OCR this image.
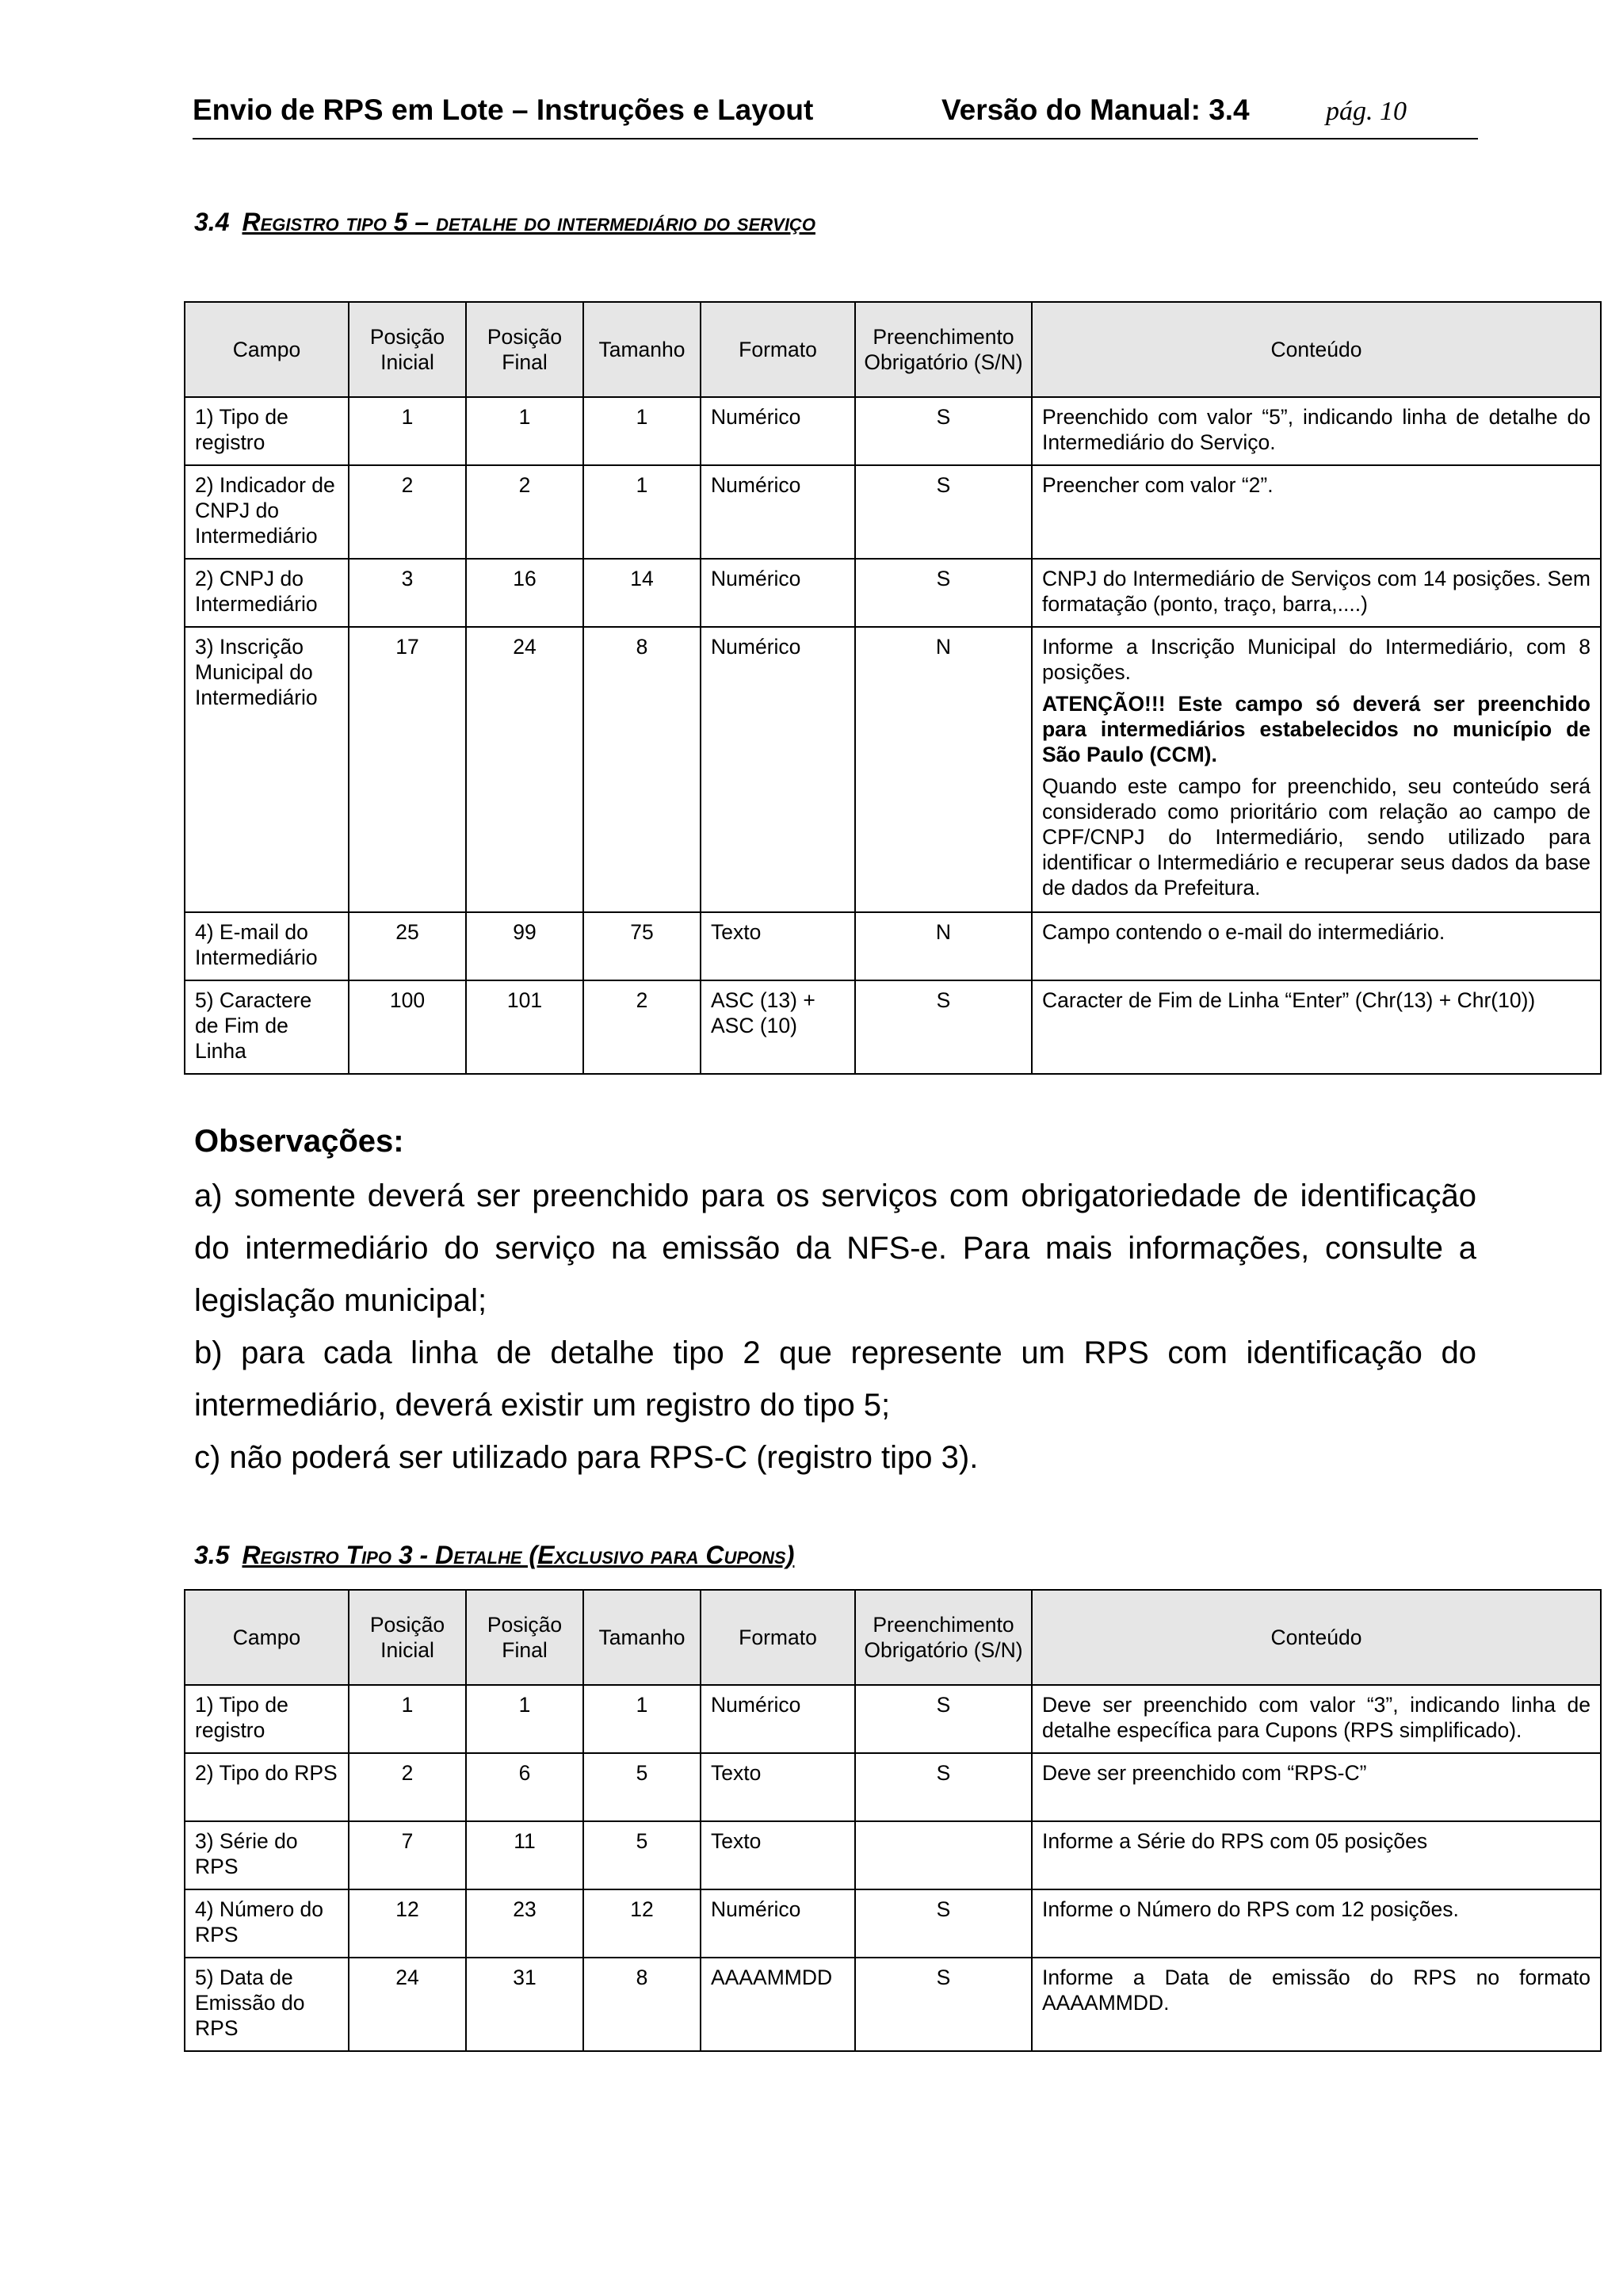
Envio de RPS em Lote – Instruções e Layout	Versão do Manual: 3.4	pág. 10
3.4 Registro tipo 5 – detalhe do intermediário do serviço
Campo	Posição Inicial	Posição Final	Tamanho	Formato	Preenchimento Obrigatório (S/N)	Conteúdo
1) Tipo de registro	1	1	1	Numérico	S	Preenchido com valor “5”, indicando linha de detalhe do Intermediário do Serviço.
2) Indicador de CNPJ do Intermediário	2	2	1	Numérico	S	Preencher com valor “2”.
2) CNPJ do Intermediário	3	16	14	Numérico	S	CNPJ do Intermediário de Serviços com 14 posições. Sem formatação (ponto, traço, barra,....)
3) Inscrição Municipal do Intermediário	17	24	8	Numérico	N	Informe a Inscrição Municipal do Intermediário, com 8 posições.
ATENÇÃO!!! Este campo só deverá ser preenchido para intermediários estabelecidos no município de São Paulo (CCM).
Quando este campo for preenchido, seu conteúdo será considerado como prioritário com relação ao campo de CPF/CNPJ do Intermediário, sendo utilizado para identificar o Intermediário e recuperar seus dados da base de dados da Prefeitura.

4) E-mail do Intermediário	25	99	75	Texto	N	Campo contendo o e-mail do intermediário.
5) Caractere de Fim de Linha	100	101	2	ASC (13) + ASC (10)	S	Caracter de Fim de Linha “Enter” (Chr(13) + Chr(10))
Observações:

a) somente deverá ser preenchido para os serviços com obrigatoriedade de identificação do intermediário do serviço na emissão da NFS-e. Para mais informações, consulte a legislação municipal;

b) para cada linha de detalhe tipo 2 que represente um RPS com identificação do intermediário, deverá existir um registro do tipo 5;

c) não poderá ser utilizado para RPS-C (registro tipo 3).

3.5 Registro Tipo 3 - Detalhe (Exclusivo para Cupons)
Campo	Posição Inicial	Posição Final	Tamanho	Formato	Preenchimento Obrigatório (S/N)	Conteúdo
1) Tipo de registro	1	1	1	Numérico	S	Deve ser preenchido com valor “3”, indicando linha de detalhe específica para Cupons (RPS simplificado).
2) Tipo do RPS	2	6	5	Texto	S	Deve ser preenchido com “RPS-C”
3) Série do RPS	7	11	5	Texto		Informe a Série do RPS com 05 posições
4) Número do RPS	12	23	12	Numérico	S	Informe o Número do RPS com 12 posições.
5) Data de Emissão do RPS	24	31	8	AAAAMMDD	S	Informe a Data de emissão do RPS no formato AAAAMMDD.
